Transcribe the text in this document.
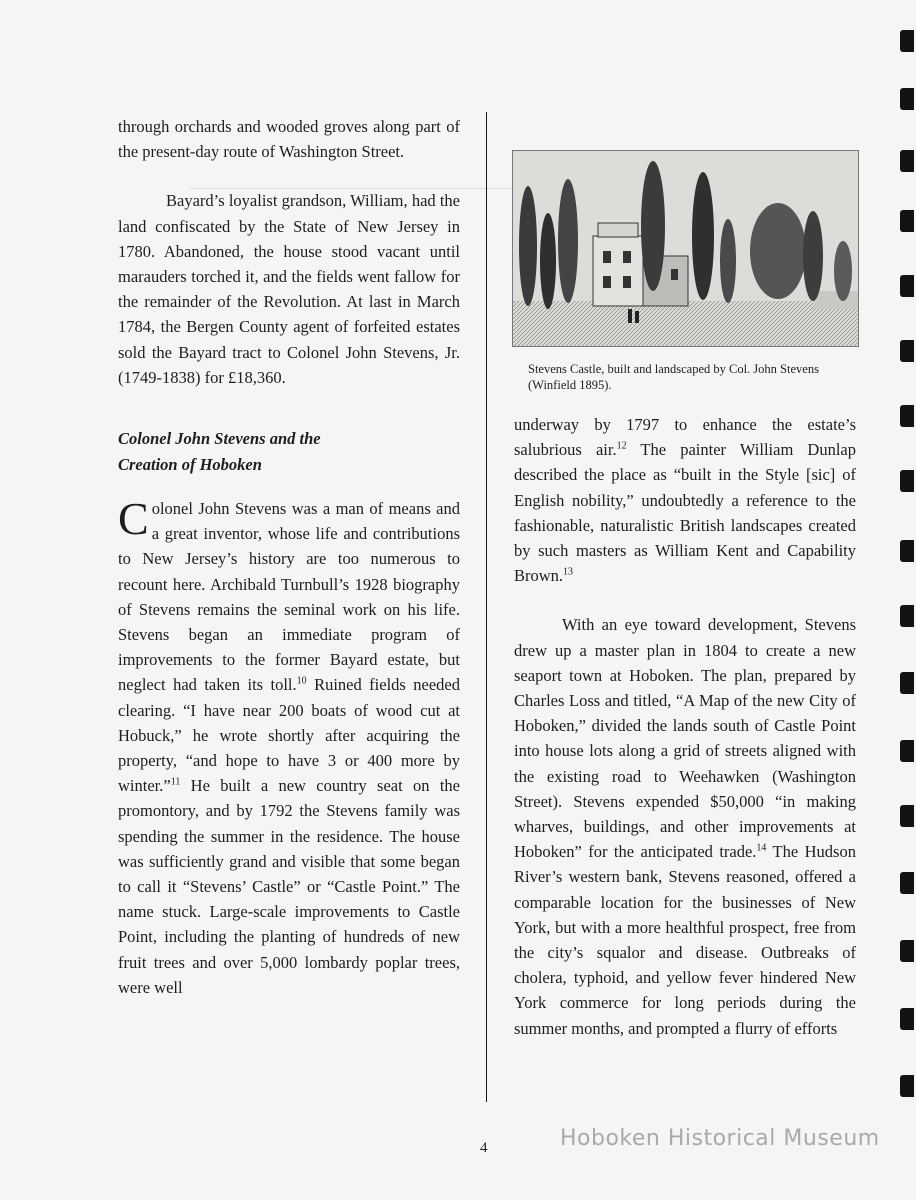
through orchards and wooded groves along part of the present-day route of Washington Street.

Bayard’s loyalist grandson, William, had the land confiscated by the State of New Jersey in 1780. Abandoned, the house stood vacant until marauders torched it, and the fields went fallow for the remainder of the Revolution. At last in March 1784, the Bergen County agent of forfeited estates sold the Bayard tract to Colonel John Stevens, Jr. (1749-1838) for £18,360.

Colonel John Stevens and the
Creation of Hoboken

Colonel John Stevens was a man of means and a great inventor, whose life and contributions to New Jersey’s history are too numerous to recount here. Archibald Turnbull’s 1928 biography of Stevens remains the seminal work on his life. Stevens began an immediate program of improvements to the former Bayard estate, but neglect had taken its toll.$^{10}$ Ruined fields needed clearing. “I have near 200 boats of wood cut at Hobuck,” he wrote shortly after acquiring the property, “and hope to have 3 or 400 more by winter.”$^{11}$ He built a new country seat on the promontory, and by 1792 the Stevens family was spending the summer in the residence. The house was sufficiently grand and visible that some began to call it “Stevens’ Castle” or “Castle Point.” The name stuck. Large-scale improvements to Castle Point, including the planting of hundreds of new fruit trees and over 5,000 lombardy poplar trees, were well

Stevens Castle, built and landscaped by Col. John Stevens (Winfield 1895).

underway by 1797 to enhance the estate’s salubrious air.$^{12}$ The painter William Dunlap described the place as “built in the Style [sic] of English nobility,” undoubtedly a reference to the fashionable, naturalistic British landscapes created by such masters as William Kent and Capability Brown.$^{13}$

With an eye toward development, Stevens drew up a master plan in 1804 to create a new seaport town at Hoboken. The plan, prepared by Charles Loss and titled, “A Map of the new City of Hoboken,” divided the lands south of Castle Point into house lots along a grid of streets aligned with the existing road to Weehawken (Washington Street). Stevens expended $50,000 “in making wharves, buildings, and other improvements at Hoboken” for the anticipated trade.$^{14}$ The Hudson River’s western bank, Stevens reasoned, offered a comparable location for the businesses of New York, but with a more healthful prospect, free from the city’s squalor and disease. Outbreaks of cholera, typhoid, and yellow fever hindered New York commerce for long periods during the summer months, and prompted a flurry of efforts

4	Hoboken Historical Museum
